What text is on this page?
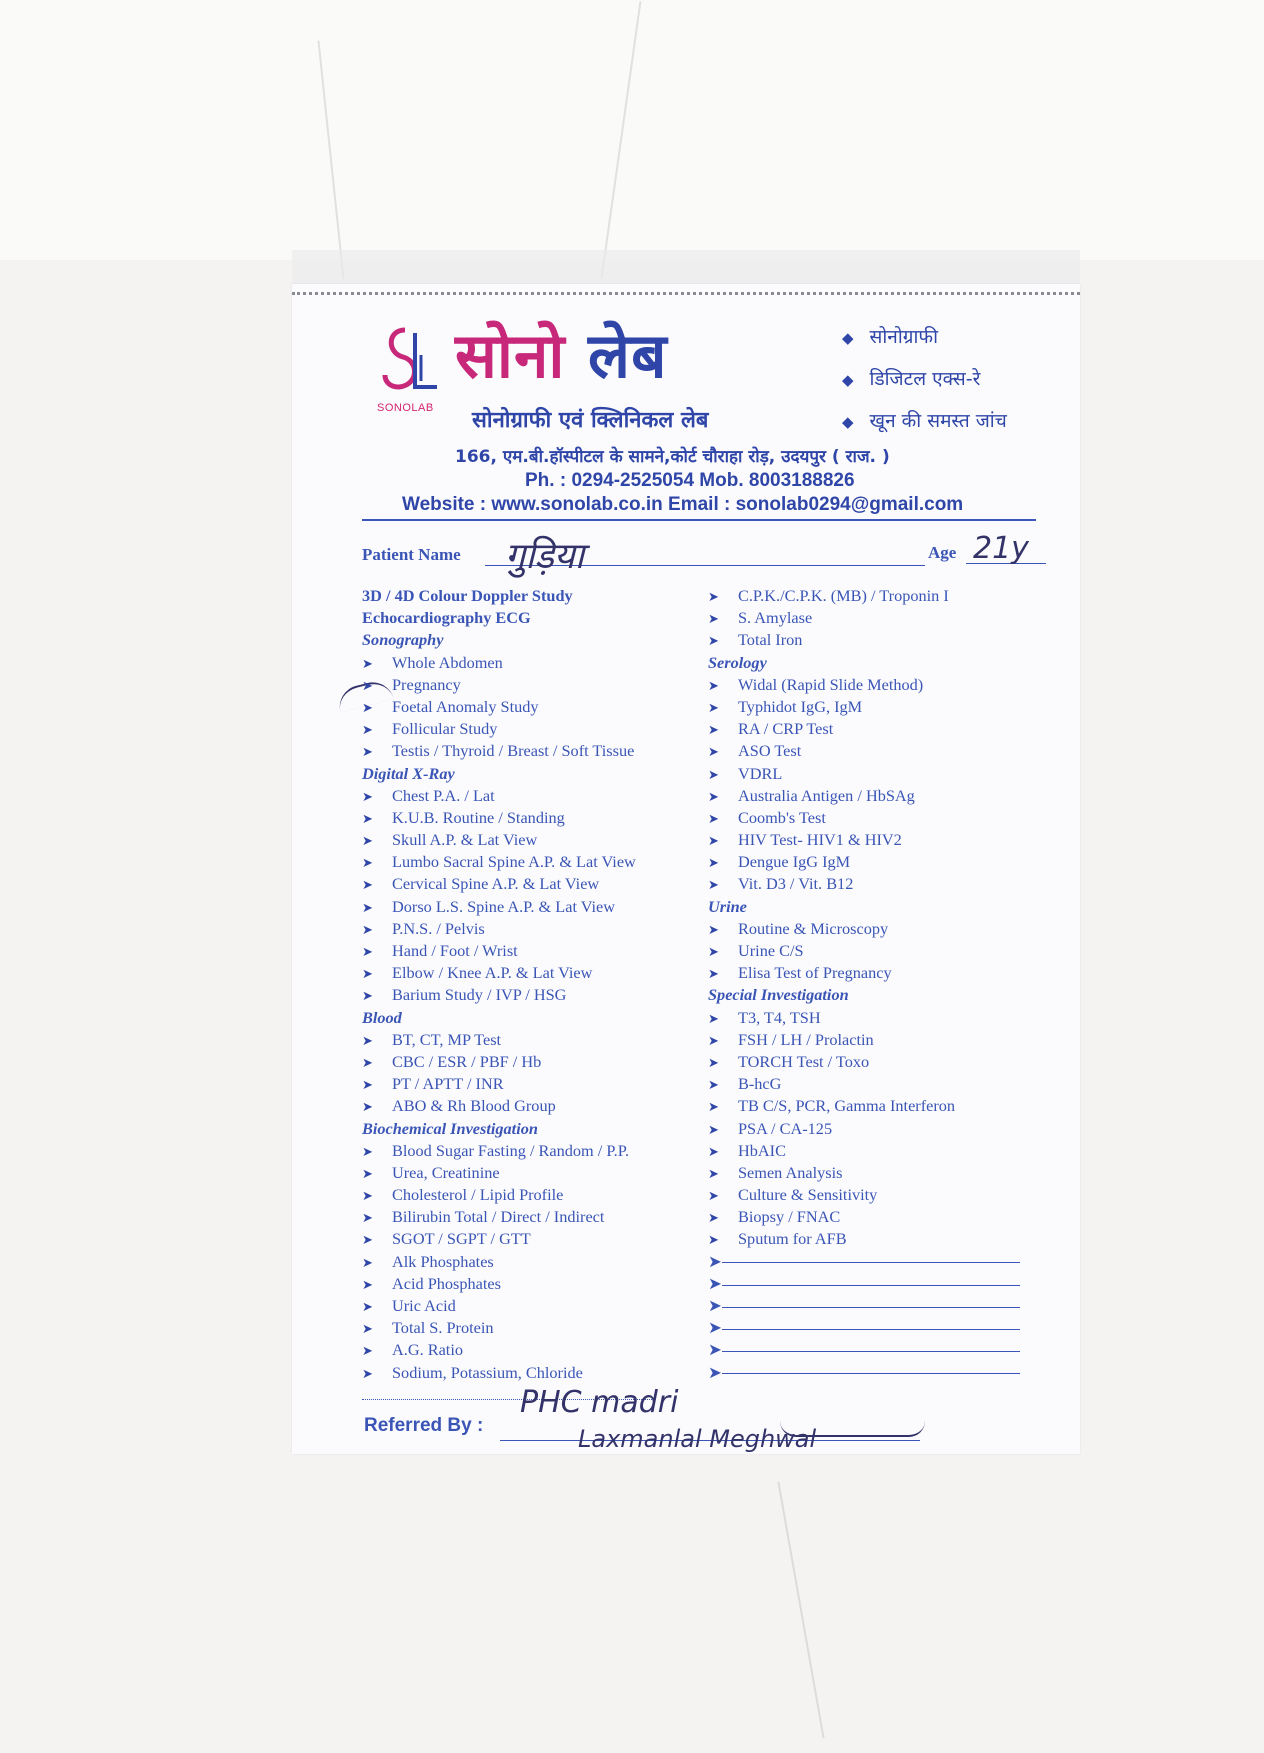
SONOLAB
सोनो लेब
सोनोग्राफी एवं क्लिनिकल लेब
◆ सोनोग्राफी
◆ डिजिटल एक्स-रे
◆ खून की समस्त जांच
166, एम.बी.हॉस्पीटल के सामने,कोर्ट चौराहा रोड़, उदयपुर ( राज. )
Ph. : 0294-2525054 Mob. 8003188826
Website : www.sonolab.co.in Email : sonolab0294@gmail.com
Patient Name गुड़िया	Age 21y
3D / 4D Colour Doppler Study
Echocardiography ECG
Sonography
➤ Whole Abdomen
➤ Pregnancy
➤ Foetal Anomaly Study
➤ Follicular Study
➤ Testis / Thyroid / Breast / Soft Tissue
Digital X-Ray
➤ Chest P.A. / Lat
➤ K.U.B. Routine / Standing
➤ Skull A.P. & Lat View
➤ Lumbo Sacral Spine A.P. & Lat View
➤ Cervical Spine A.P. & Lat View
➤ Dorso L.S. Spine A.P. & Lat View
➤ P.N.S. / Pelvis
➤ Hand / Foot / Wrist
➤ Elbow / Knee A.P. & Lat View
➤ Barium Study / IVP / HSG
Blood
➤ BT, CT, MP Test
➤ CBC / ESR / PBF / Hb
➤ PT / APTT / INR
➤ ABO & Rh Blood Group
Biochemical Investigation
➤ Blood Sugar Fasting / Random / P.P.
➤ Urea, Creatinine
➤ Cholesterol / Lipid Profile
➤ Bilirubin Total / Direct / Indirect
➤ SGOT / SGPT / GTT
➤ Alk Phosphates
➤ Acid Phosphates
➤ Uric Acid
➤ Total S. Protein
➤ A.G. Ratio
➤ Sodium, Potassium, Chloride
➤ C.P.K./C.P.K. (MB) / Troponin I
➤ S. Amylase
➤ Total Iron
Serology
➤ Widal (Rapid Slide Method)
➤ Typhidot IgG, IgM
➤ RA / CRP Test
➤ ASO Test
➤ VDRL
➤ Australia Antigen / HbSAg
➤ Coomb's Test
➤ HIV Test- HIV1 & HIV2
➤ Dengue IgG IgM
➤ Vit. D3 / Vit. B12
Urine
➤ Routine & Microscopy
➤ Urine C/S
➤ Elisa Test of Pregnancy
Special Investigation
➤ T3, T4, TSH
➤ FSH / LH / Prolactin
➤ TORCH Test / Toxo
➤ B-hcG
➤ TB C/S, PCR, Gamma Interferon
➤ PSA / CA-125
➤ HbAIC
➤ Semen Analysis
➤ Culture & Sensitivity
➤ Biopsy / FNAC
➤ Sputum for AFB
➤
➤
➤
➤
➤
➤
Referred By :
PHC madri
Laxmanlal Meghwal
